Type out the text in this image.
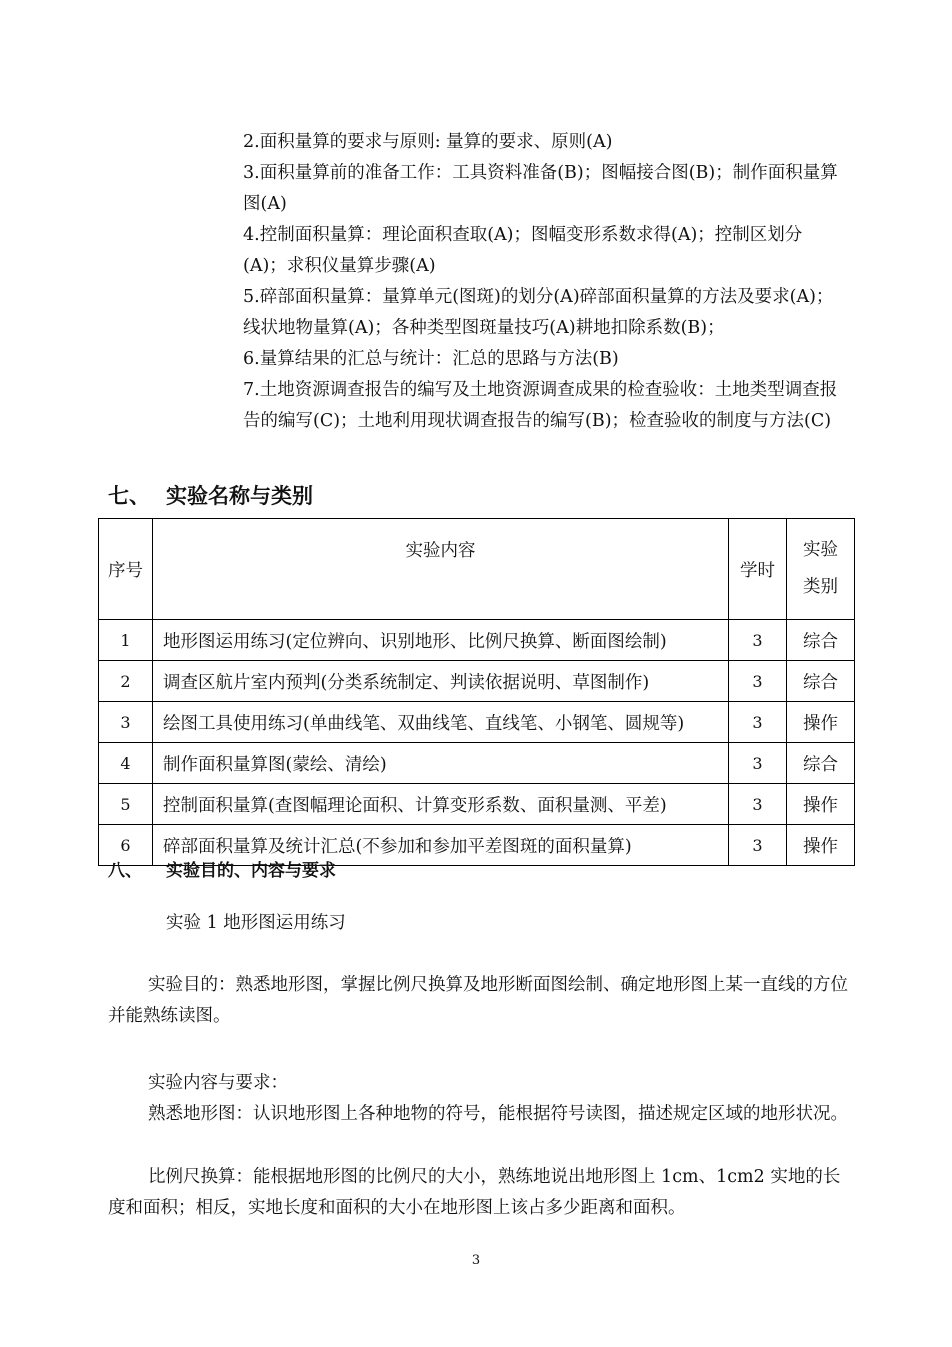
2.面积量算的要求与原则: 量算的要求、原则(A)
3.面积量算前的准备工作：工具资料准备(B)；图幅接合图(B)；制作面积量算图(A)
4.控制面积量算：理论面积查取(A)；图幅变形系数求得(A)；控制区划分(A)；求积仪量算步骤(A)
5.碎部面积量算：量算单元(图斑)的划分(A)碎部面积量算的方法及要求(A)；线状地物量算(A)；各种类型图斑量技巧(A)耕地扣除系数(B)；
6.量算结果的汇总与统计：汇总的思路与方法(B)
7.土地资源调查报告的编写及土地资源调查成果的检查验收：土地类型调查报告的编写(C)；土地利用现状调查报告的编写(B)；检查验收的制度与方法(C)
七、 实验名称与类别
序号	实验内容	学时	实验
类别
1	地形图运用练习(定位辨向、识别地形、比例尺换算、断面图绘制)	3	综合
2	调查区航片室内预判(分类系统制定、判读依据说明、草图制作)	3	综合
3	绘图工具使用练习(单曲线笔、双曲线笔、直线笔、小钢笔、圆规等)	3	操作
4	制作面积量算图(蒙绘、清绘)	3	综合
5	控制面积量算(查图幅理论面积、计算变形系数、面积量测、平差)	3	操作
6	碎部面积量算及统计汇总(不参加和参加平差图斑的面积量算)	3	操作
八、 实验目的、内容与要求
实验 1 地形图运用练习
实验目的：熟悉地形图，掌握比例尺换算及地形断面图绘制、确定地形图上某一直线的方位并能熟练读图。
实验内容与要求：
熟悉地形图：认识地形图上各种地物的符号，能根据符号读图，描述规定区域的地形状况。
比例尺换算：能根据地形图的比例尺的大小，熟练地说出地形图上 1cm、1cm2 实地的长度和面积；相反，实地长度和面积的大小在地形图上该占多少距离和面积。
3
